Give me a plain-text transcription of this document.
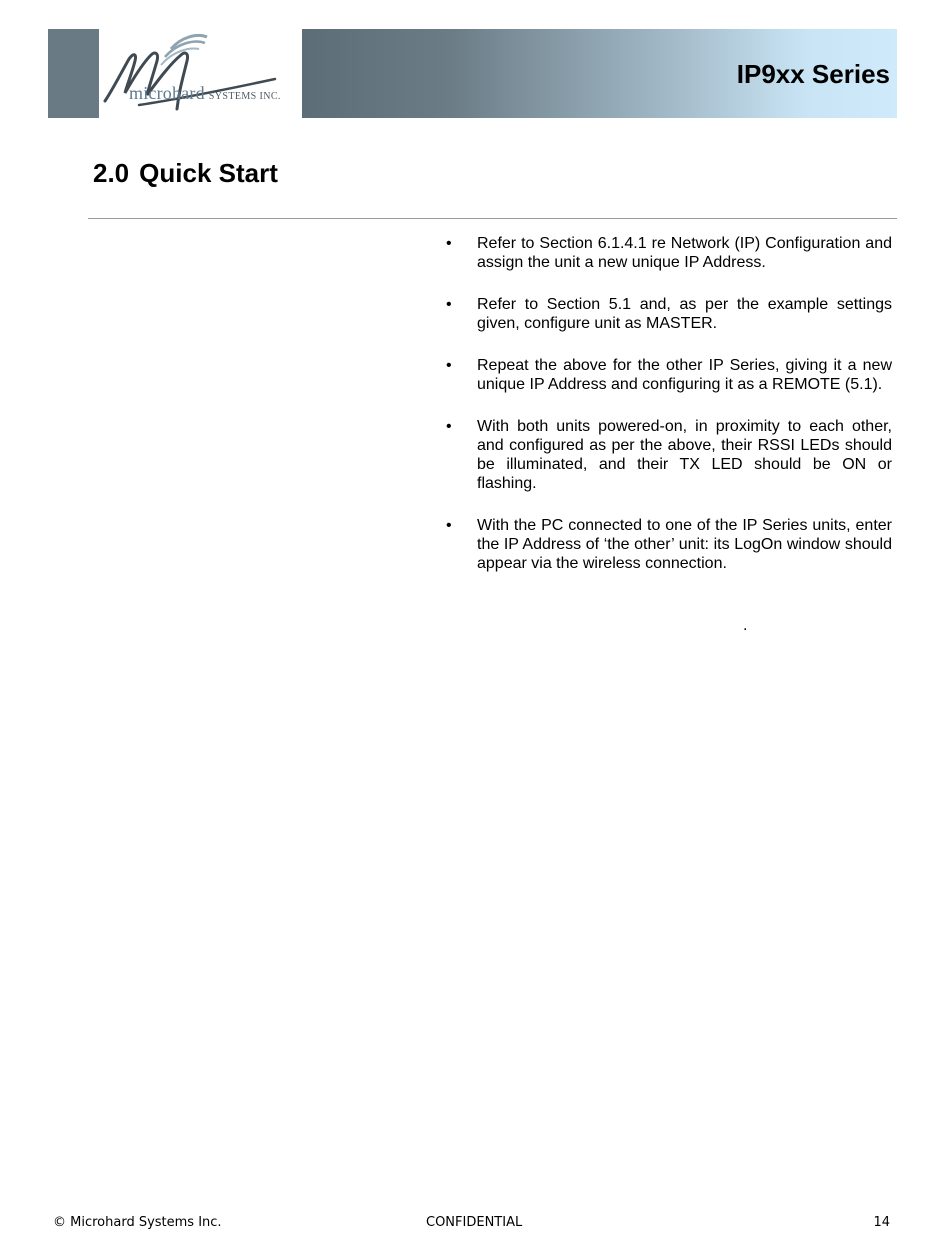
microhard SYSTEMS INC.
IP9xx Series
2.0 Quick Start
• Refer to Section 6.1.4.1 re Network (IP) Configuration and assign the unit a new unique IP Address.
• Refer to Section 5.1 and, as per the example settings given, configure unit as MASTER.
• Repeat the above for the other IP Series, giving it a new unique IP Address and configuring it as a REMOTE (5.1).
• With both units powered-on, in proximity to each other, and configured as per the above, their RSSI LEDs should be illuminated, and their TX LED should be ON or flashing.
• With the PC connected to one of the IP Series units, enter the IP Address of ‘the other’ unit: its LogOn window should appear via the wireless connection.
.
© Microhard Systems Inc.	CONFIDENTIAL	14
